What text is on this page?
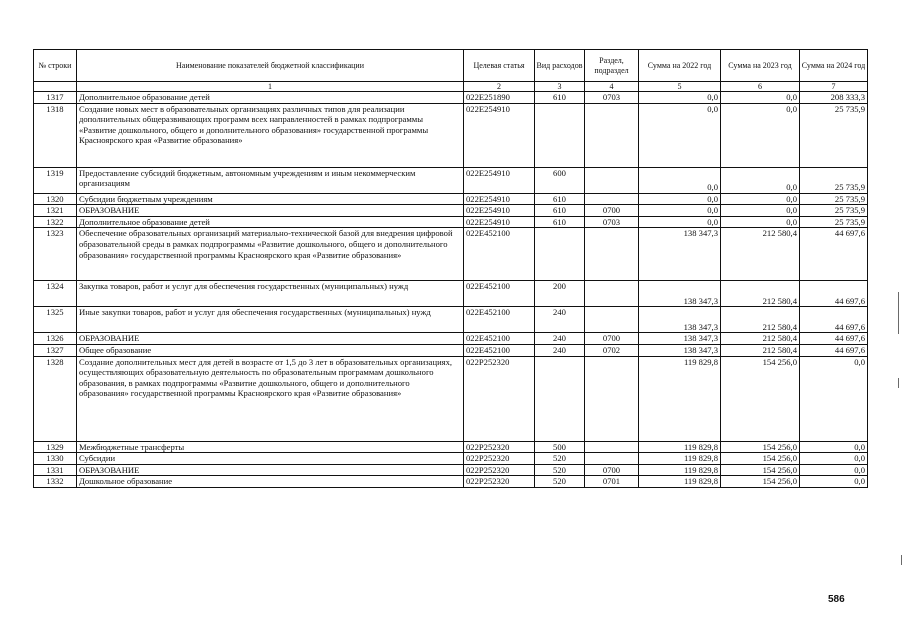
№ строки	Наименование показателей бюджетной классификации	Целевая статья	Вид расходов	Раздел, подраздел	Сумма на 2022 год	Сумма на 2023 год	Сумма на 2024 год
	1	2	3	4	5	6	7
1317	Дополнительное образование детей	022E251890	610	0703	0,0	0,0	208 333,3
1318	Создание новых мест в образовательных организациях различных типов для реализации дополнительных общеразвивающих программ всех направленностей в рамках подпрограммы «Развитие дошкольного, общего и дополнительного образования» государственной программы Красноярского края «Развитие образования»	022E254910			0,0	0,0	25 735,9
1319	Предоставление субсидий бюджетным, автономным учреждениям и иным некоммерческим организациям	022E254910	600		0,0	0,0	25 735,9
1320	Субсидии бюджетным учреждениям	022E254910	610		0,0	0,0	25 735,9
1321	ОБРАЗОВАНИЕ	022E254910	610	0700	0,0	0,0	25 735,9
1322	Дополнительное образование детей	022E254910	610	0703	0,0	0,0	25 735,9
1323	Обеспечение образовательных организаций материально-технической базой для внедрения цифровой образовательной среды в рамках подпрограммы «Развитие дошкольного, общего и дополнительного образования» государственной программы Красноярского края «Развитие образования»	022E452100			138 347,3	212 580,4	44 697,6
1324	Закупка товаров, работ и услуг для обеспечения государственных (муниципальных) нужд	022E452100	200		138 347,3	212 580,4	44 697,6
1325	Иные закупки товаров, работ и услуг для обеспечения государственных (муниципальных) нужд	022E452100	240		138 347,3	212 580,4	44 697,6
1326	ОБРАЗОВАНИЕ	022E452100	240	0700	138 347,3	212 580,4	44 697,6
1327	Общее образование	022E452100	240	0702	138 347,3	212 580,4	44 697,6
1328	Создание дополнительных мест для детей в возрасте от 1,5 до 3 лет в образовательных организациях, осуществляющих образовательную деятельность по образовательным программам дошкольного образования, в рамках подпрограммы «Развитие дошкольного, общего и дополнительного образования» государственной программы Красноярского края «Развитие образования»	022P252320			119 829,8	154 256,0	0,0
1329	Межбюджетные трансферты	022P252320	500		119 829,8	154 256,0	0,0
1330	Субсидии	022P252320	520		119 829,8	154 256,0	0,0
1331	ОБРАЗОВАНИЕ	022P252320	520	0700	119 829,8	154 256,0	0,0
1332	Дошкольное образование	022P252320	520	0701	119 829,8	154 256,0	0,0
586
